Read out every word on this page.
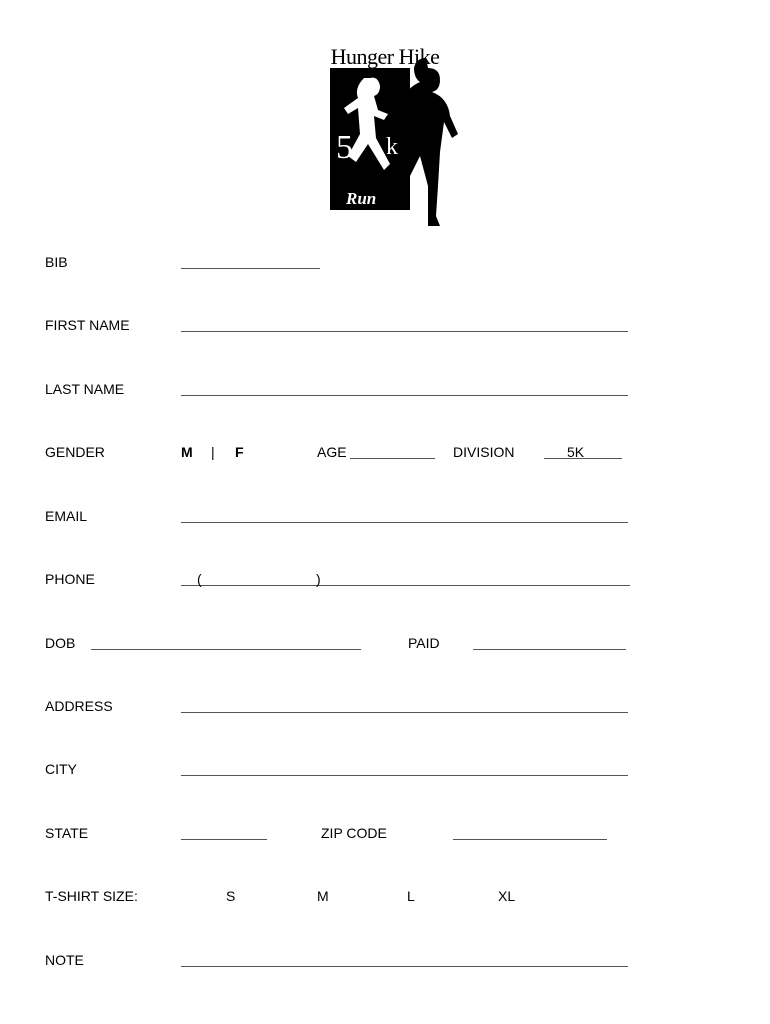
5 k
Run
Hunger Hike
BIB
FIRST NAME
LAST NAME
GENDER	M | F	AGE	DIVISION	5K
EMAIL
PHONE	(	)
DOB	PAID
ADDRESS
CITY
STATE	ZIP CODE
T-SHIRT SIZE:	S	M	L	XL
NOTE
